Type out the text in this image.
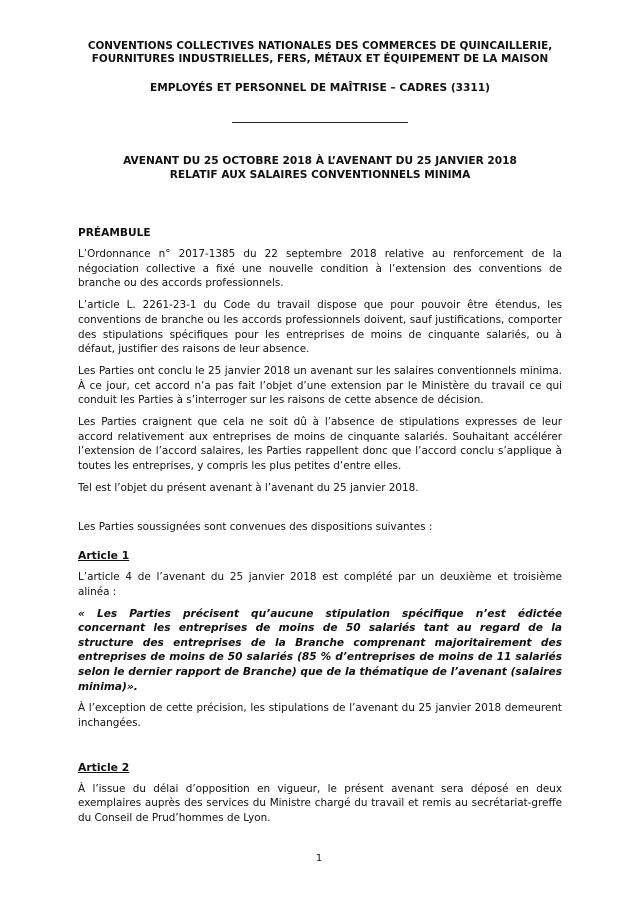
CONVENTIONS COLLECTIVES NATIONALES DES COMMERCES DE QUINCAILLERIE,
FOURNITURES INDUSTRIELLES, FERS, MÉTAUX ET ÉQUIPEMENT DE LA MAISON
EMPLOYÉS ET PERSONNEL DE MAÎTRISE – CADRES (3311)
AVENANT DU 25 OCTOBRE 2018 À L’AVENANT DU 25 JANVIER 2018
RELATIF AUX SALAIRES CONVENTIONNELS MINIMA
PRÉAMBULE

L’Ordonnance n° 2017-1385 du 22 septembre 2018 relative au renforcement de la négociation collective a fixé une nouvelle condition à l’extension des conventions de branche ou des accords professionnels.

L’article L. 2261-23-1 du Code du travail dispose que pour pouvoir être étendus, les conventions de branche ou les accords professionnels doivent, sauf justifications, comporter des stipulations spécifiques pour les entreprises de moins de cinquante salariés, ou à défaut, justifier des raisons de leur absence.

Les Parties ont conclu le 25 janvier 2018 un avenant sur les salaires conventionnels minima. À ce jour, cet accord n’a pas fait l’objet d’une extension par le Ministère du travail ce qui conduit les Parties à s’interroger sur les raisons de cette absence de décision.

Les Parties craignent que cela ne soit dû à l’absence de stipulations expresses de leur accord relativement aux entreprises de moins de cinquante salariés. Souhaitant accélérer l’extension de l’accord salaires, les Parties rappellent donc que l’accord conclu s’applique à toutes les entreprises, y compris les plus petites d’entre elles.

Tel est l’objet du présent avenant à l’avenant du 25 janvier 2018.

Les Parties soussignées sont convenues des dispositions suivantes :

Article 1

L’article 4 de l’avenant du 25 janvier 2018 est complété par un deuxième et troisième alinéa :

« Les Parties précisent qu’aucune stipulation spécifique n’est édictée concernant les entreprises de moins de 50 salariés tant au regard de la structure des entreprises de la Branche comprenant majoritairement des entreprises de moins de 50 salariés (85 % d’entreprises de moins de 11 salariés selon le dernier rapport de Branche) que de la thématique de l’avenant (salaires minima)».

À l’exception de cette précision, les stipulations de l’avenant du 25 janvier 2018 demeurent inchangées.

Article 2

À l’issue du délai d’opposition en vigueur, le présent avenant sera déposé en deux exemplaires auprès des services du Ministre chargé du travail et remis au secrétariat-greffe du Conseil de Prud’hommes de Lyon.

1
